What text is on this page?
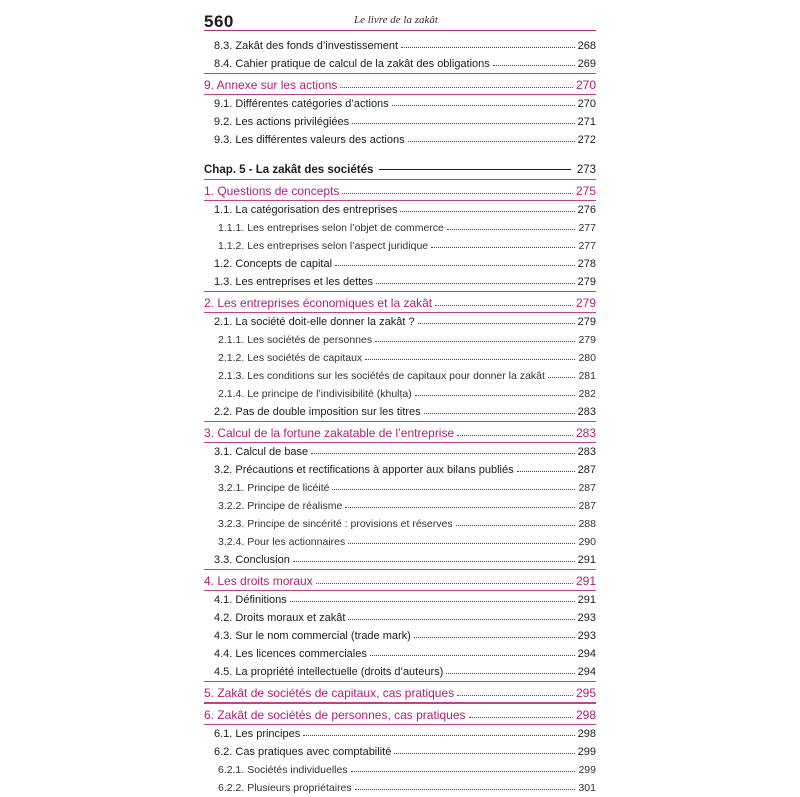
560	Le livre de la zakât
8.3. Zakât des fonds d’investissement	268
8.4. Cahier pratique de calcul de la zakât des obligations	269
9. Annexe sur les actions	270
9.1. Différentes catégories d’actions	270
9.2. Les actions privilégiées	271
9.3. Les différentes valeurs des actions	272
Chap. 5 - La zakât des sociétés	273
1. Questions de concepts	275
1.1. La catégorisation des entreprises	276
1.1.1. Les entreprises selon l’objet de commerce	277
1.1.2. Les entreprises selon l’aspect juridique	277
1.2. Concepts de capital	278
1.3. Les entreprises et les dettes	279
2. Les entreprises économiques et la zakât	279
2.1. La société doit-elle donner la zakât ?	279
2.1.1. Les sociétés de personnes	279
2.1.2. Les sociétés de capitaux	280
2.1.3. Les conditions sur les sociétés de capitaux pour donner la zakât	281
2.1.4. Le principe de l’indivisibilité (khulṭa)	282
2.2. Pas de double imposition sur les titres	283
3. Calcul de la fortune zakatable de l’entreprise	283
3.1. Calcul de base	283
3.2. Précautions et rectifications à apporter aux bilans publiés	287
3.2.1. Principe de licéité	287
3.2.2. Principe de réalisme	287
3.2.3. Principe de sincérité : provisions et réserves	288
3.2.4. Pour les actionnaires	290
3.3. Conclusion	291
4. Les droits moraux	291
4.1. Définitions	291
4.2. Droits moraux et zakât	293
4.3. Sur le nom commercial (trade mark)	293
4.4. Les licences commerciales	294
4.5. La propriété intellectuelle (droits d’auteurs)	294
5. Zakât de sociétés de capitaux, cas pratiques	295
6. Zakât de sociétés de personnes, cas pratiques	298
6.1. Les principes	298
6.2. Cas pratiques avec comptabilité	299
6.2.1. Sociétés individuelles	299
6.2.2. Plusieurs propriétaires	301
